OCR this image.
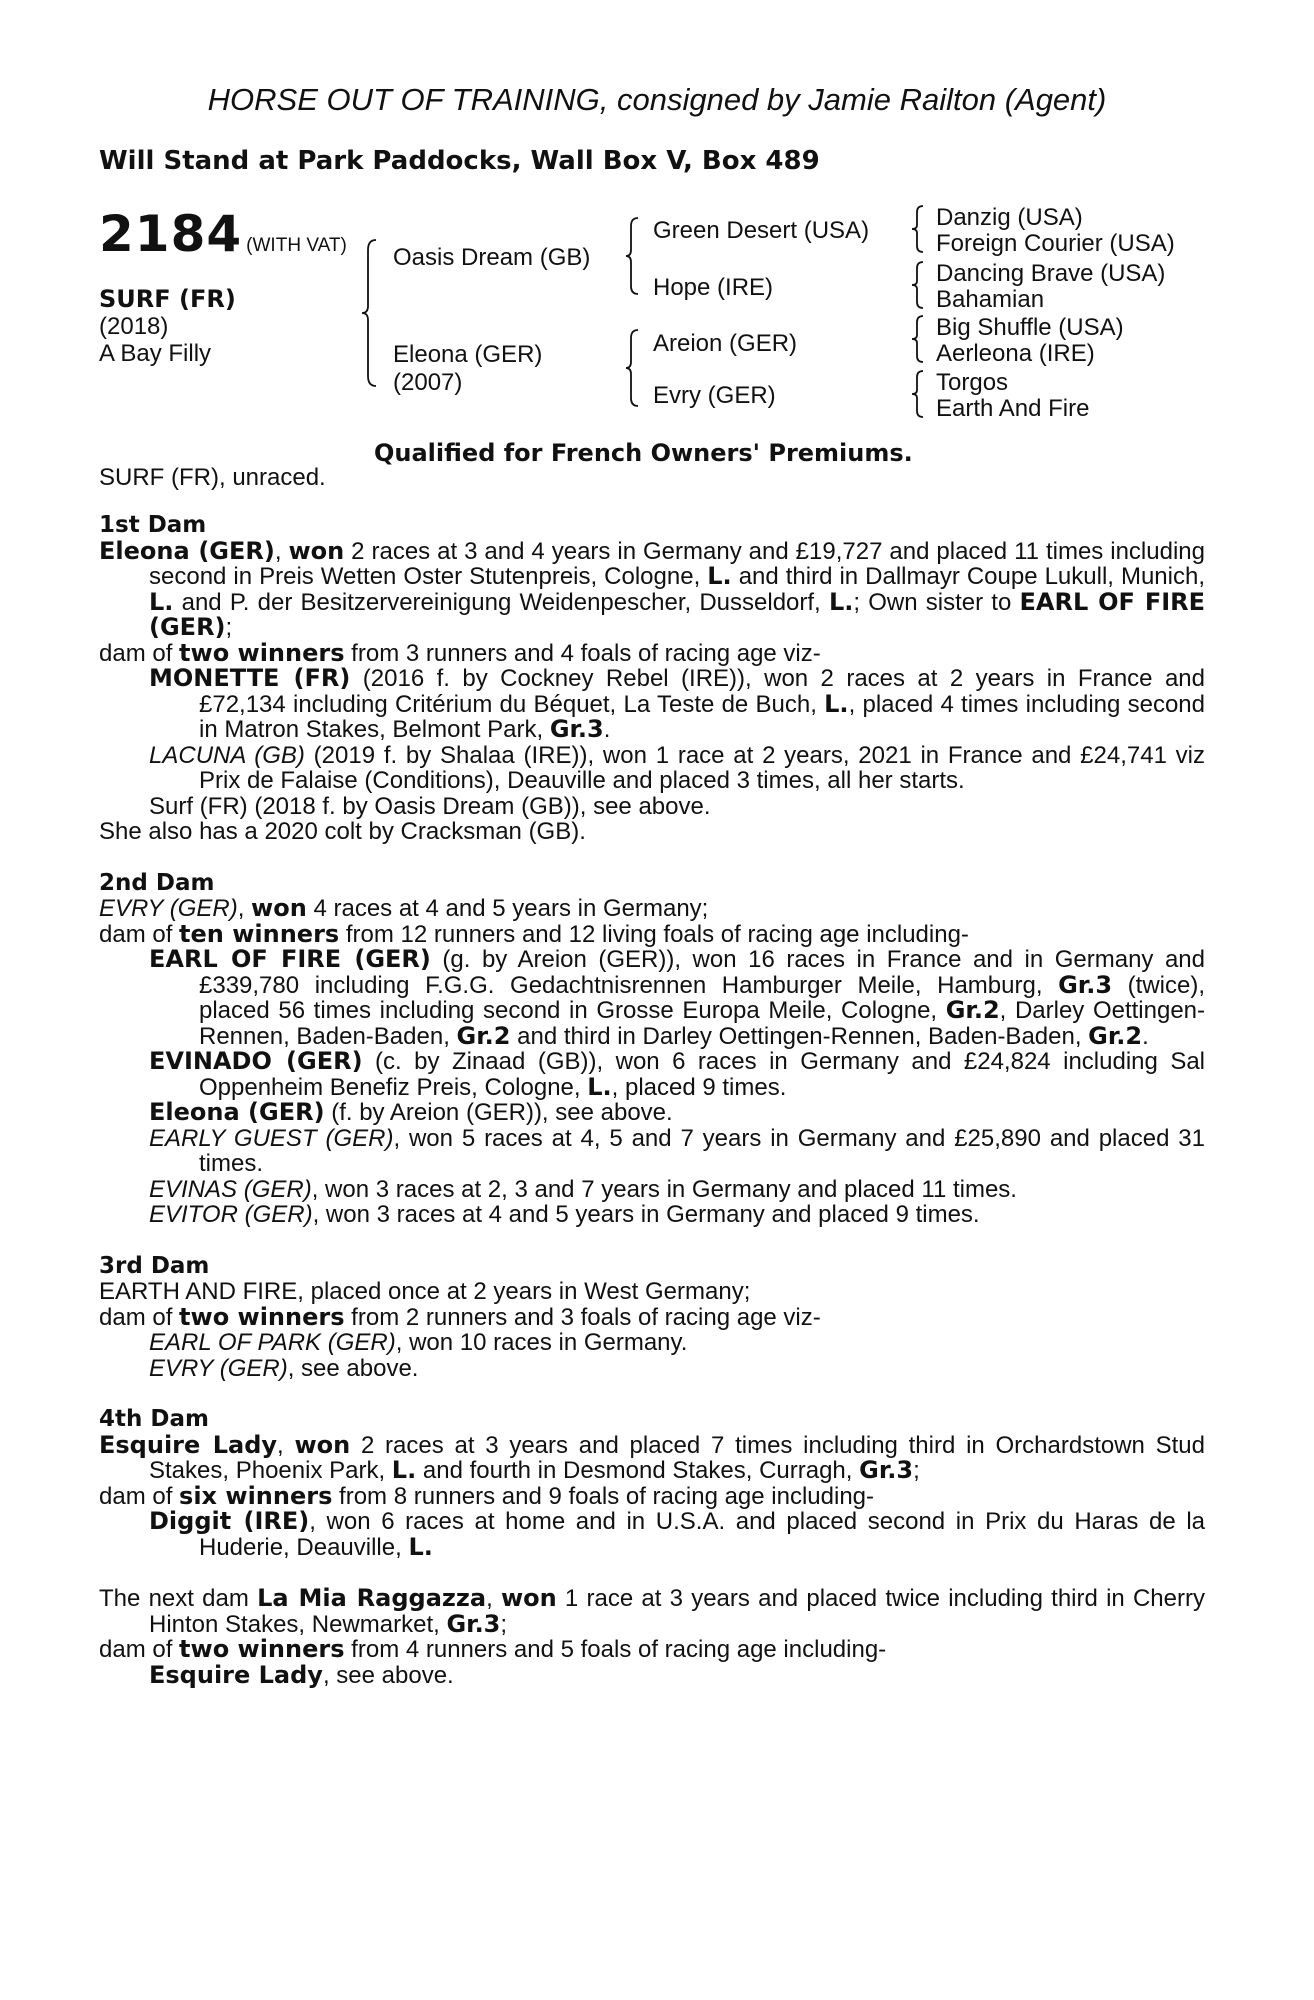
HORSE OUT OF TRAINING, consigned by Jamie Railton (Agent)
Will Stand at Park Paddocks, Wall Box V, Box 489
2184 (WITH VAT)
SURF (FR)
(2018)
A Bay Filly
Oasis Dream (GB)
Eleona (GER)
(2007)
Green Desert (USA)
Hope (IRE)
Areion (GER)
Evry (GER)
Danzig (USA)
Foreign Courier (USA)
Dancing Brave (USA)
Bahamian
Big Shuffle (USA)
Aerleona (IRE)
Torgos
Earth And Fire
Qualified for French Owners' Premiums.
SURF (FR), unraced.
1st Dam
Eleona (GER), won 2 races at 3 and 4 years in Germany and £19,727 and placed 11 times including second in Preis Wetten Oster Stutenpreis, Cologne, L. and third in Dallmayr Coupe Lukull, Munich, L. and P. der Besitzervereinigung Weidenpescher, Dusseldorf, L.; Own sister to EARL OF FIRE (GER);
dam of two winners from 3 runners and 4 foals of racing age viz-
MONETTE (FR) (2016 f. by Cockney Rebel (IRE)), won 2 races at 2 years in France and £72,134 including Critérium du Béquet, La Teste de Buch, L., placed 4 times including second in Matron Stakes, Belmont Park, Gr.3.
LACUNA (GB) (2019 f. by Shalaa (IRE)), won 1 race at 2 years, 2021 in France and £24,741 viz Prix de Falaise (Conditions), Deauville and placed 3 times, all her starts.
Surf (FR) (2018 f. by Oasis Dream (GB)), see above.
She also has a 2020 colt by Cracksman (GB).
2nd Dam
EVRY (GER), won 4 races at 4 and 5 years in Germany;
dam of ten winners from 12 runners and 12 living foals of racing age including-
EARL OF FIRE (GER) (g. by Areion (GER)), won 16 races in France and in Germany and £339,780 including F.G.G. Gedachtnisrennen Hamburger Meile, Hamburg, Gr.3 (twice), placed 56 times including second in Grosse Europa Meile, Cologne, Gr.2, Darley Oettingen-Rennen, Baden-Baden, Gr.2 and third in Darley Oettingen-Rennen, Baden-Baden, Gr.2.
EVINADO (GER) (c. by Zinaad (GB)), won 6 races in Germany and £24,824 including Sal Oppenheim Benefiz Preis, Cologne, L., placed 9 times.
Eleona (GER) (f. by Areion (GER)), see above.
EARLY GUEST (GER), won 5 races at 4, 5 and 7 years in Germany and £25,890 and placed 31 times.
EVINAS (GER), won 3 races at 2, 3 and 7 years in Germany and placed 11 times.
EVITOR (GER), won 3 races at 4 and 5 years in Germany and placed 9 times.
3rd Dam
EARTH AND FIRE, placed once at 2 years in West Germany;
dam of two winners from 2 runners and 3 foals of racing age viz-
EARL OF PARK (GER), won 10 races in Germany.
EVRY (GER), see above.
4th Dam
Esquire Lady, won 2 races at 3 years and placed 7 times including third in Orchardstown Stud Stakes, Phoenix Park, L. and fourth in Desmond Stakes, Curragh, Gr.3;
dam of six winners from 8 runners and 9 foals of racing age including-
Diggit (IRE), won 6 races at home and in U.S.A. and placed second in Prix du Haras de la Huderie, Deauville, L.
The next dam La Mia Raggazza, won 1 race at 3 years and placed twice including third in Cherry Hinton Stakes, Newmarket, Gr.3;
dam of two winners from 4 runners and 5 foals of racing age including-
Esquire Lady, see above.
